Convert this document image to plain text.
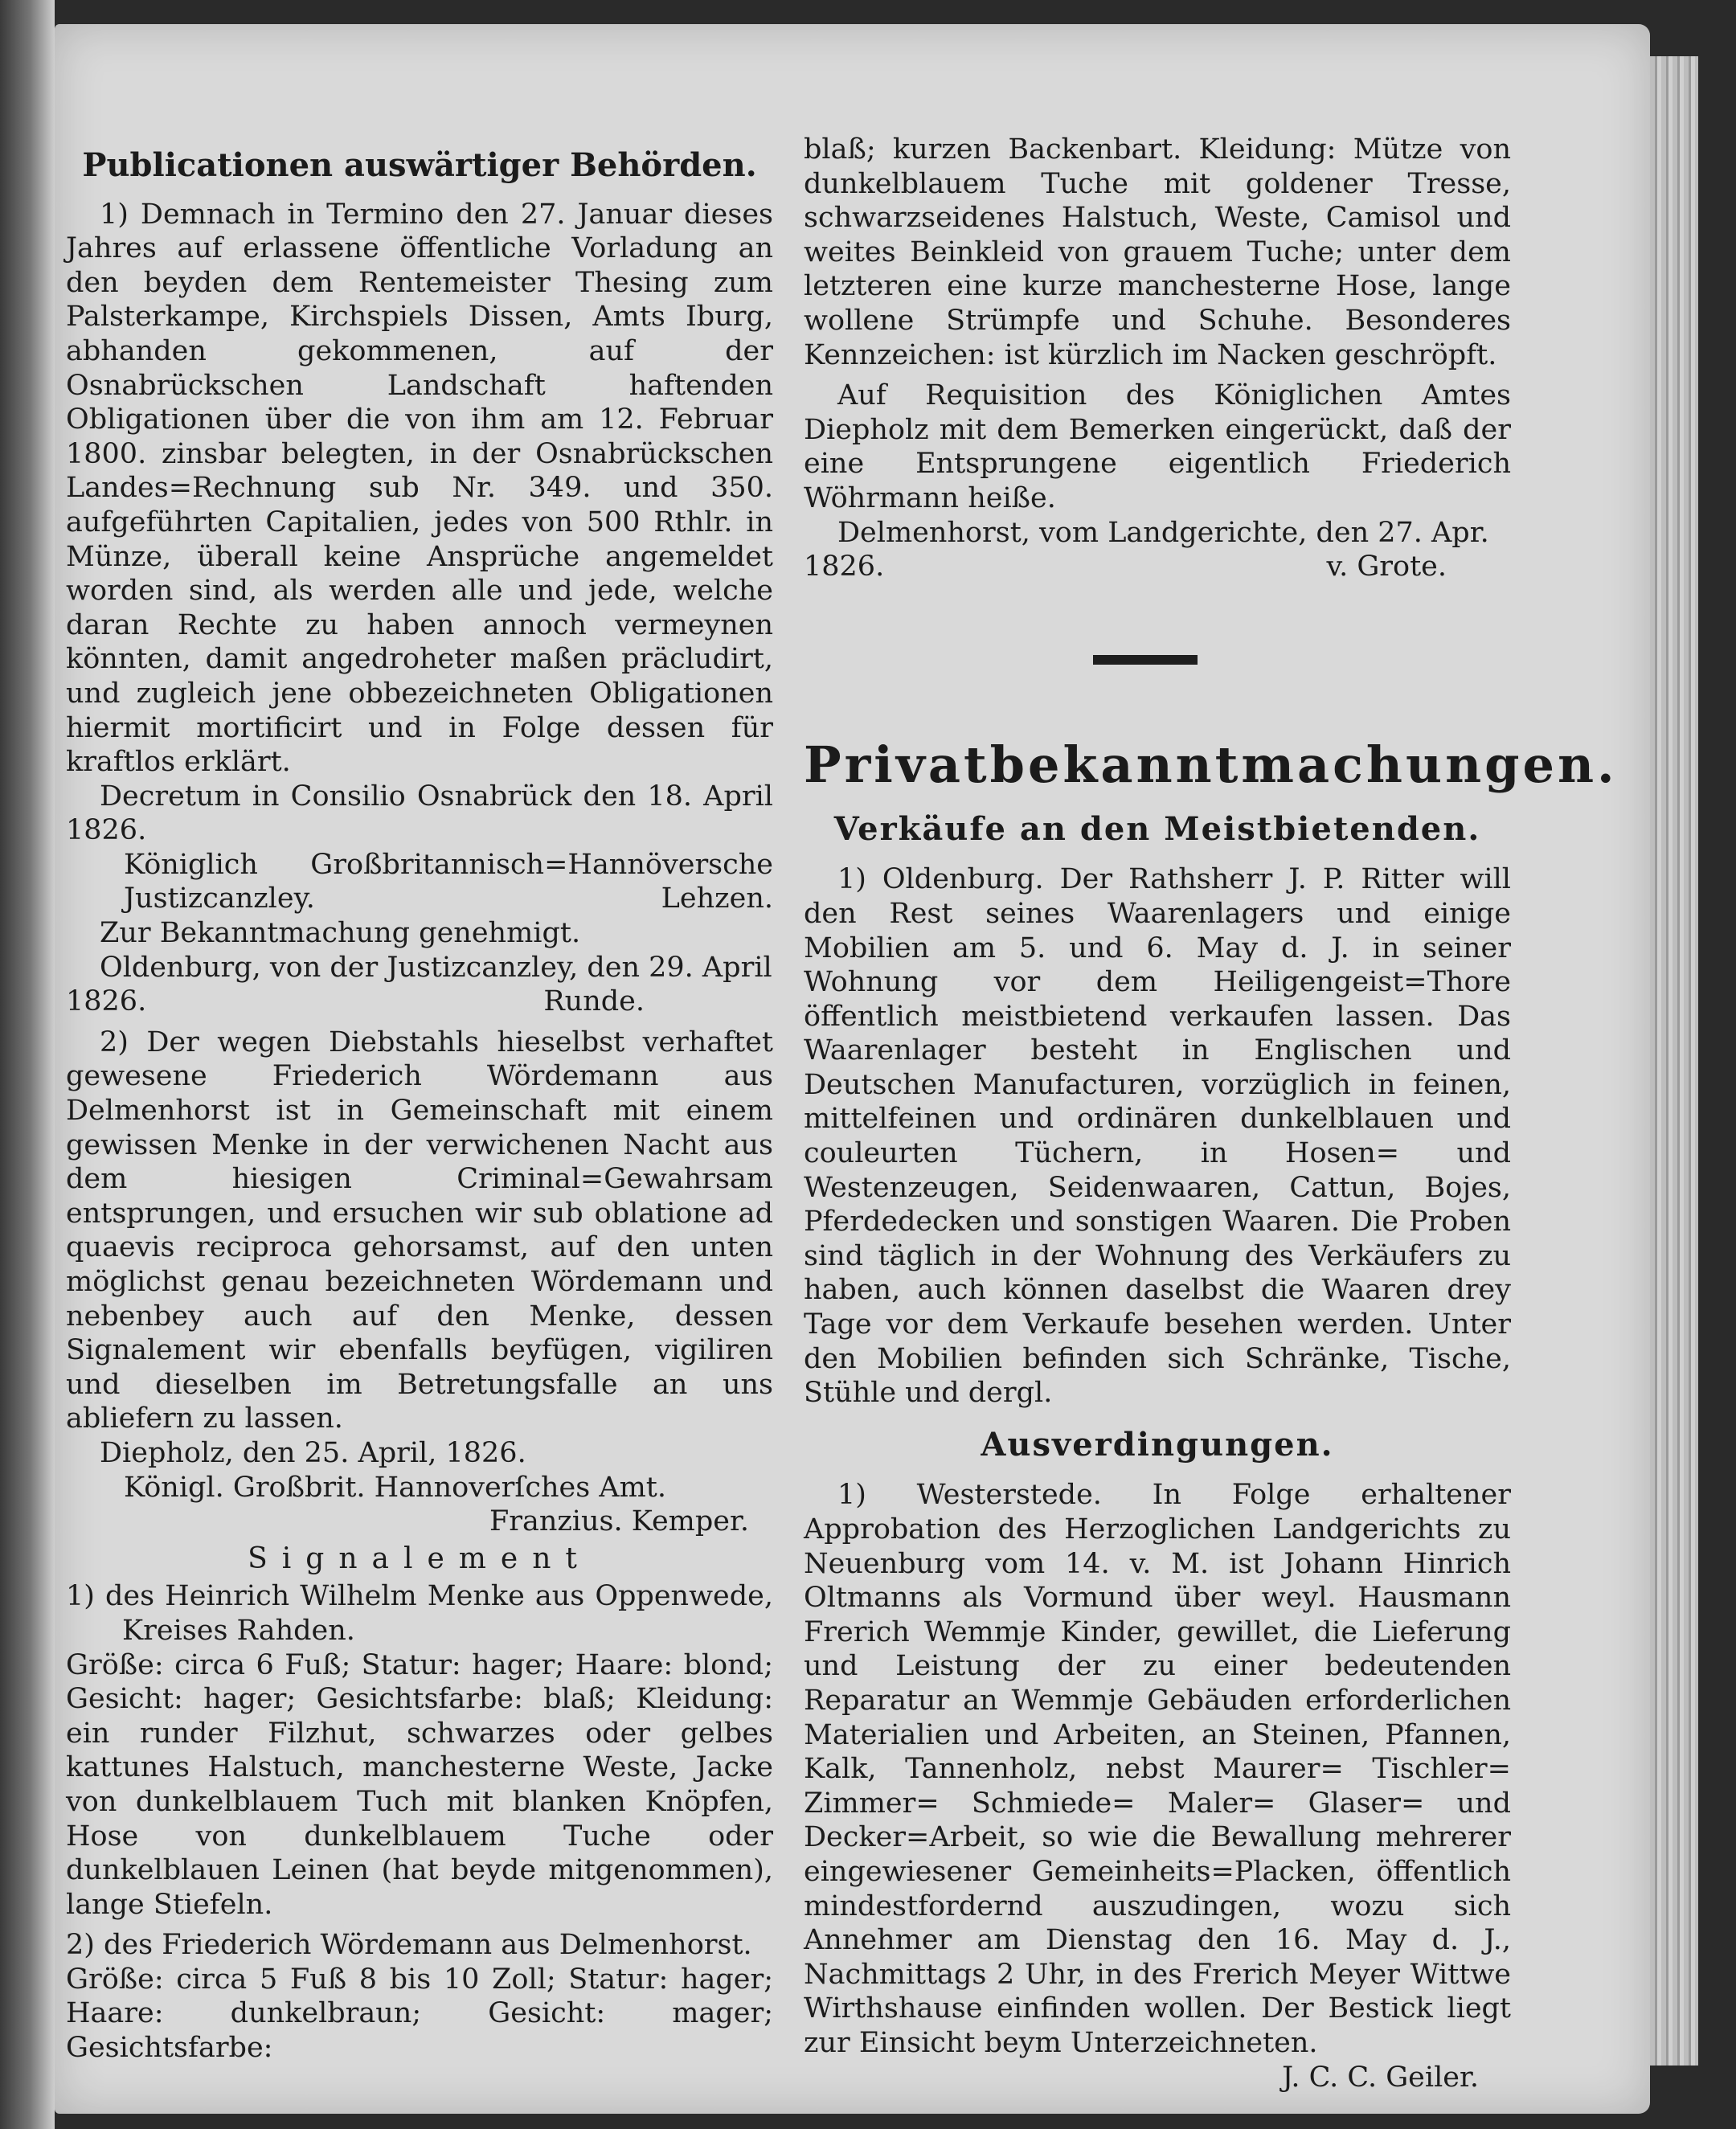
Publicationen auswärtiger Behörden.

1) Demnach in Termino den 27. Januar dieses Jahres auf erlassene öffentliche Vorladung an den beyden dem Rentemeister Thesing zum Palsterkampe, Kirchspiels Dissen, Amts Iburg, abhanden gekommenen, auf der Osnabrückschen Landschaft haftenden Obligationen über die von ihm am 12. Februar 1800. zinsbar belegten, in der Osnabrückschen Landes=Rechnung sub Nr. 349. und 350. aufgeführten Capitalien, jedes von 500 Rthlr. in Münze, überall keine Ansprüche angemeldet worden sind, als werden alle und jede, welche daran Rechte zu haben annoch vermeynen könnten, damit angedroheter maßen präcludirt, und zugleich jene obbezeichneten Obligationen hiermit mortificirt und in Folge dessen für kraftlos erklärt.

Decretum in Consilio Osnabrück den 18. April 1826.

Königlich Großbritannisch=Hannöversche Justizcanzley.	Lehzen.

Zur Bekanntmachung genehmigt.

Oldenburg, von der Justizcanzley, den 29. April

1826.	Runde.

2) Der wegen Diebstahls hieselbst verhaftet gewesene Friederich Wördemann aus Delmenhorst ist in Gemeinschaft mit einem gewissen Menke in der verwichenen Nacht aus dem hiesigen Criminal=Gewahrsam entsprungen, und ersuchen wir sub oblatione ad quaevis reciproca gehorsamst, auf den unten möglichst genau bezeichneten Wördemann und nebenbey auch auf den Menke, dessen Signalement wir ebenfalls beyfügen, vigiliren und dieselben im Betretungsfalle an uns abliefern zu lassen.

Diepholz, den 25. April, 1826.

Königl. Großbrit. Hannoverſches Amt.

Franzius. Kemper.

Signalement

1) des Heinrich Wilhelm Menke aus Oppenwede, Kreises Rahden.

Größe: circa 6 Fuß; Statur: hager; Haare: blond; Gesicht: hager; Gesichtsfarbe: blaß; Kleidung: ein runder Filzhut, schwarzes oder gelbes kattunes Halstuch, manchesterne Weste, Jacke von dunkelblauem Tuch mit blanken Knöpfen, Hose von dunkelblauem Tuche oder dunkelblauen Leinen (hat beyde mitgenommen), lange Stiefeln.

2) des Friederich Wördemann aus Delmenhorst.

Größe: circa 5 Fuß 8 bis 10 Zoll; Statur: hager; Haare: dunkelbraun; Gesicht: mager; Gesichtsfarbe:

blaß; kurzen Backenbart. Kleidung: Mütze von dunkelblauem Tuche mit goldener Tresse, schwarzseidenes Halstuch, Weste, Camisol und weites Beinkleid von grauem Tuche; unter dem letzteren eine kurze manchesterne Hose, lange wollene Strümpfe und Schuhe. Besonderes Kennzeichen: ist kürzlich im Nacken geschröpft.

Auf Requisition des Königlichen Amtes Diepholz mit dem Bemerken eingerückt, daß der eine Entsprungene eigentlich Friederich Wöhrmann heiße.

Delmenhorst, vom Landgerichte, den 27. Apr.

1826.	v. Grote.

Privatbekanntmachungen.

Verkäufe an den Meistbietenden.

1) Oldenburg. Der Rathsherr J. P. Ritter will den Rest seines Waarenlagers und einige Mobilien am 5. und 6. May d. J. in seiner Wohnung vor dem Heiligengeist=Thore öffentlich meistbietend verkaufen lassen. Das Waarenlager besteht in Englischen und Deutschen Manufacturen, vorzüglich in feinen, mittelfeinen und ordinären dunkelblauen und couleurten Tüchern, in Hosen= und Westenzeugen, Seidenwaaren, Cattun, Bojes, Pferdedecken und sonstigen Waaren. Die Proben sind täglich in der Wohnung des Verkäufers zu haben, auch können daselbst die Waaren drey Tage vor dem Verkaufe besehen werden. Unter den Mobilien befinden sich Schränke, Tische, Stühle und dergl.

Ausverdingungen.

1) Westerstede. In Folge erhaltener Approbation des Herzoglichen Landgerichts zu Neuenburg vom 14. v. M. ist Johann Hinrich Oltmanns als Vormund über weyl. Hausmann Frerich Wemmje Kinder, gewillet, die Lieferung und Leistung der zu einer bedeutenden Reparatur an Wemmje Gebäuden erforderlichen Materialien und Arbeiten, an Steinen, Pfannen, Kalk, Tannenholz, nebst Maurer= Tischler= Zimmer= Schmiede= Maler= Glaser= und Decker=Arbeit, so wie die Bewallung mehrerer eingewiesener Gemeinheits=Placken, öffentlich mindestfordernd auszudingen, wozu sich Annehmer am Dienstag den 16. May d. J., Nachmittags 2 Uhr, in des Frerich Meyer Wittwe Wirthshause einfinden wollen. Der Bestick liegt zur Einsicht beym Unterzeichneten.

J. C. C. Geiler.
